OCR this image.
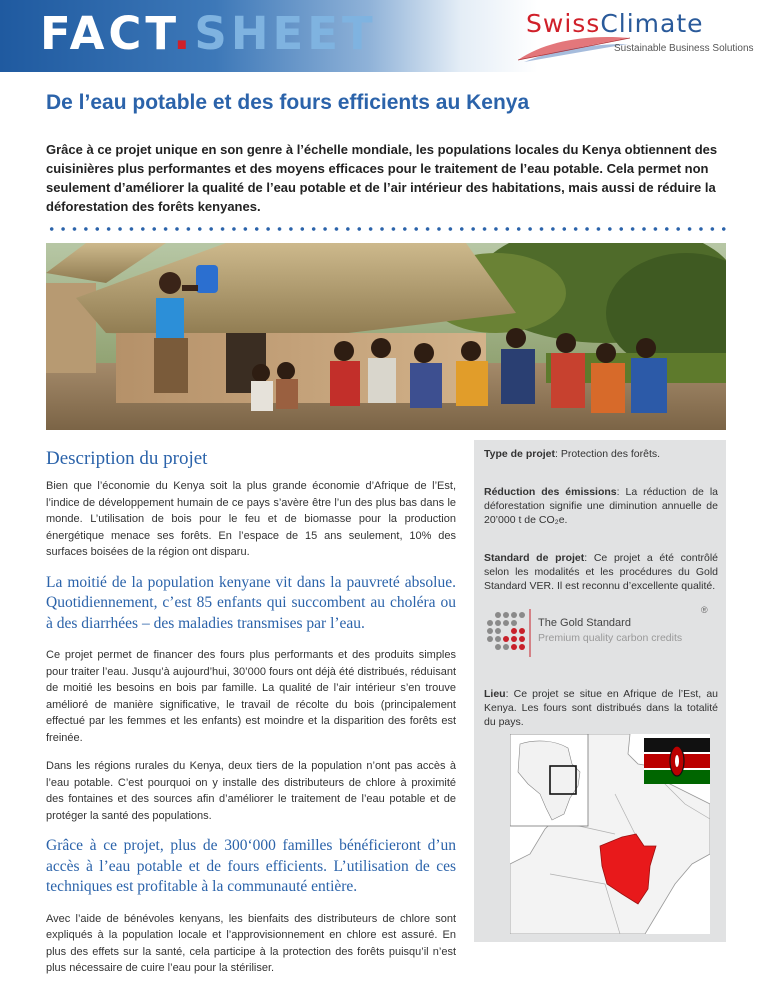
FACT.SHEET	SwissClimate
Sustainable Business Solutions
De l’eau potable et des fours efficients au Kenya

Grâce à ce projet unique en son genre à l’échelle mondiale, les populations locales du Kenya obtiennent des cuisinières plus performantes et des moyens efficaces pour le traitement de l’eau potable. Cela permet non seulement d’améliorer la qualité de l’eau potable et de l’air intérieur des habitations, mais aussi de réduire la déforestation des forêts kenyanes.

Description du projet

Bien que l’économie du Kenya soit la plus grande économie d’Afrique de l’Est, l’indice de développement humain de ce pays s’avère être l’un des plus bas dans le monde. L’utilisation de bois pour le feu et de biomasse pour la production énergétique menace ses forêts. En l’espace de 15 ans seulement, 10% des surfaces boisées de la région ont disparu.

La moitié de la population kenyane vit dans la pauvreté absolue. Quotidiennement, c’est 85 enfants qui succombent au choléra ou à des diarrhées – des maladies transmises par l’eau.

Ce projet permet de financer des fours plus performants et des produits simples pour traiter l’eau. Jusqu’à aujourd’hui, 30’000 fours ont déjà été distribués, réduisant de moitié les besoins en bois par famille. La qualité de l’air intérieur s’en trouve amélioré de manière significative, le travail de récolte du bois (principalement effectué par les femmes et les enfants) est moindre et la disparition des forêts est freinée.

Dans les régions rurales du Kenya, deux tiers de la population n’ont pas accès à l’eau potable. C’est pourquoi on y installe des distributeurs de chlore à proximité des fontaines et des sources afin d’améliorer le traitement de l’eau potable et de protéger la santé des populations.

Grâce à ce projet, plus de 300‘000 familles bénéficieront d’un accès à l’eau potable et de fours efficients. L’utilisation de ces techniques est profitable à la communauté entière.

Avec l’aide de bénévoles kenyans, les bienfaits des distributeurs de chlore sont expliqués à la population locale et l’approvisionnement en chlore est assuré. En plus des effets sur la santé, cela participe à la protection des forêts puisqu’il n’est plus nécessaire de cuire l’eau pour la stériliser.

Type de projet: Protection des forêts.

Réduction des émissions: La réduction de la déforestation signifie une diminution annuelle de 20’000 t de CO₂e.

Standard de projet: Ce projet a été contrôlé selon les modalités et les procédures du Gold Standard VER. Il est reconnu d’excellente qualité.

The Gold Standard
Premium quality carbon credits
®

Lieu: Ce projet se situe en Afrique de l’Est, au Kenya. Les fours sont distribués dans la totalité du pays.
